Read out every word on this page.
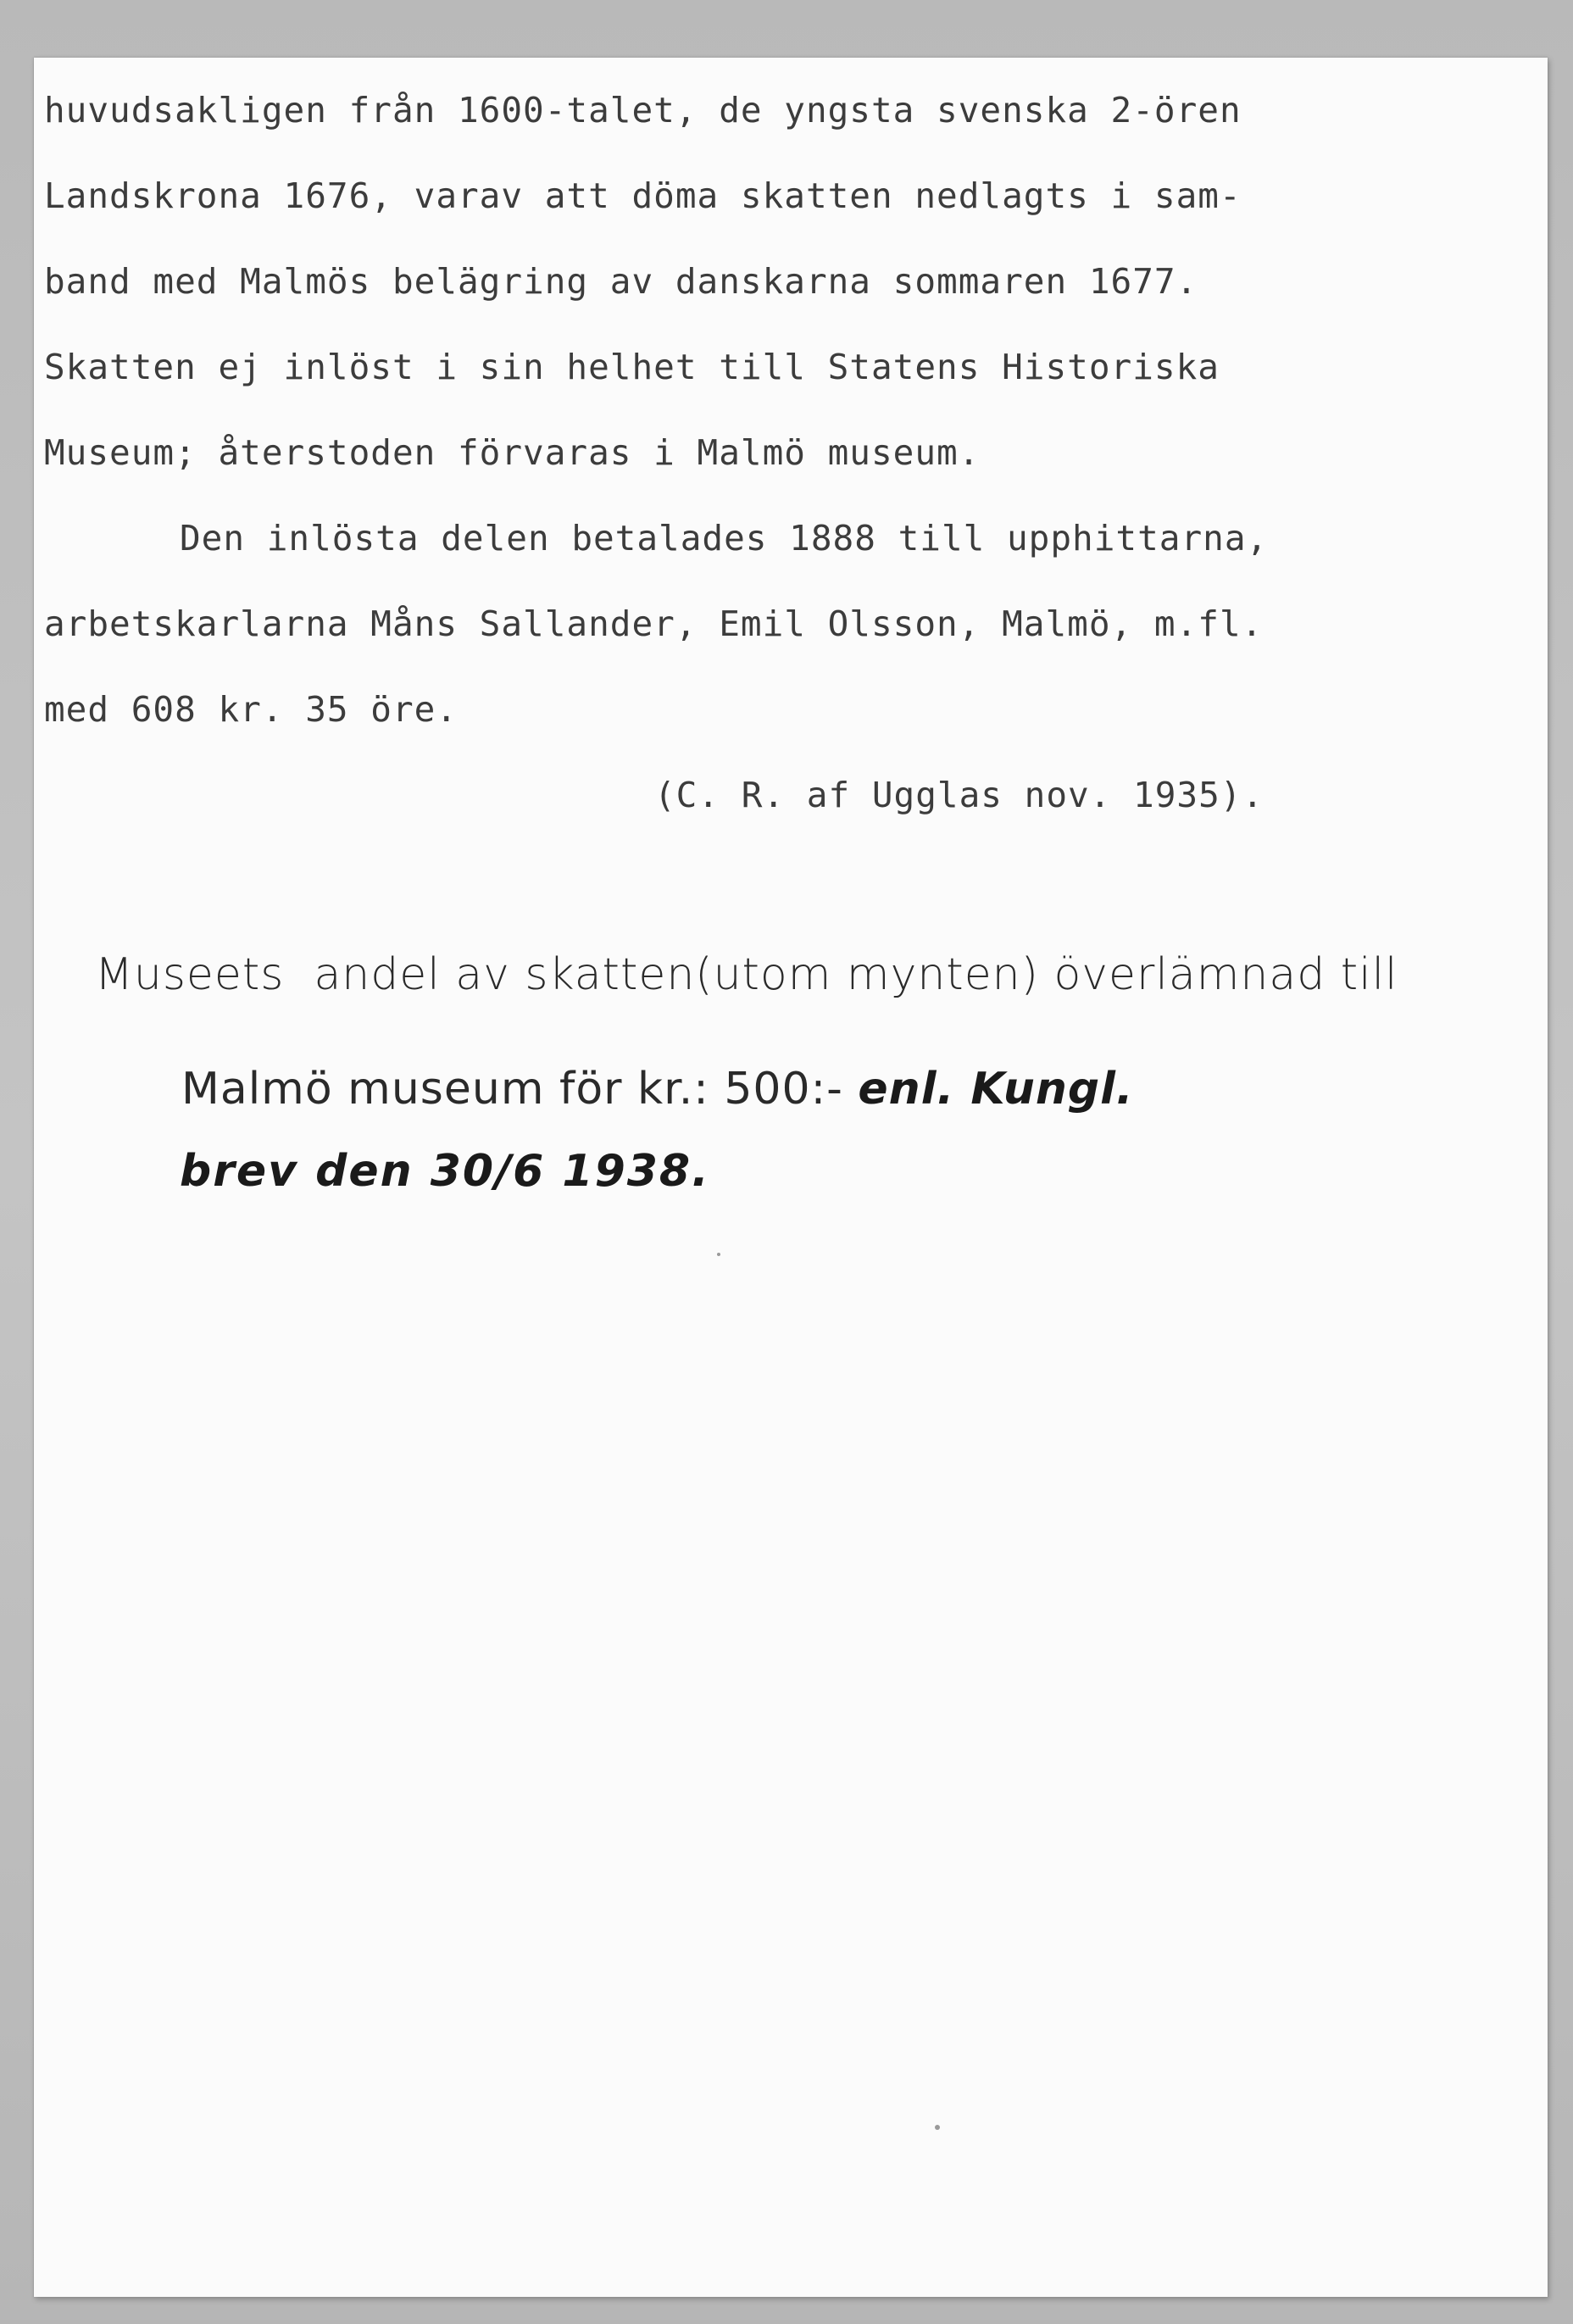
huvudsakligen från 1600-talet, de yngsta svenska 2-ören
Landskrona 1676, varav att döma skatten nedlagts i sam-
band med Malmös belägring av danskarna sommaren 1677.
Skatten ej inlöst i sin helhet till Statens Historiska
Museum; återstoden förvaras i Malmö museum.
Den inlösta delen betalades 1888 till upphittarna,
arbetskarlarna Måns Sallander, Emil Olsson, Malmö, m.fl.
med 608 kr. 35 öre.
(C. R. af Ugglas nov. 1935).
Museets  andel av skatten(utom mynten) överlämnad till
Malmö museum för kr.: 500:- enl. Kungl.
brev den 30/6 1938.
